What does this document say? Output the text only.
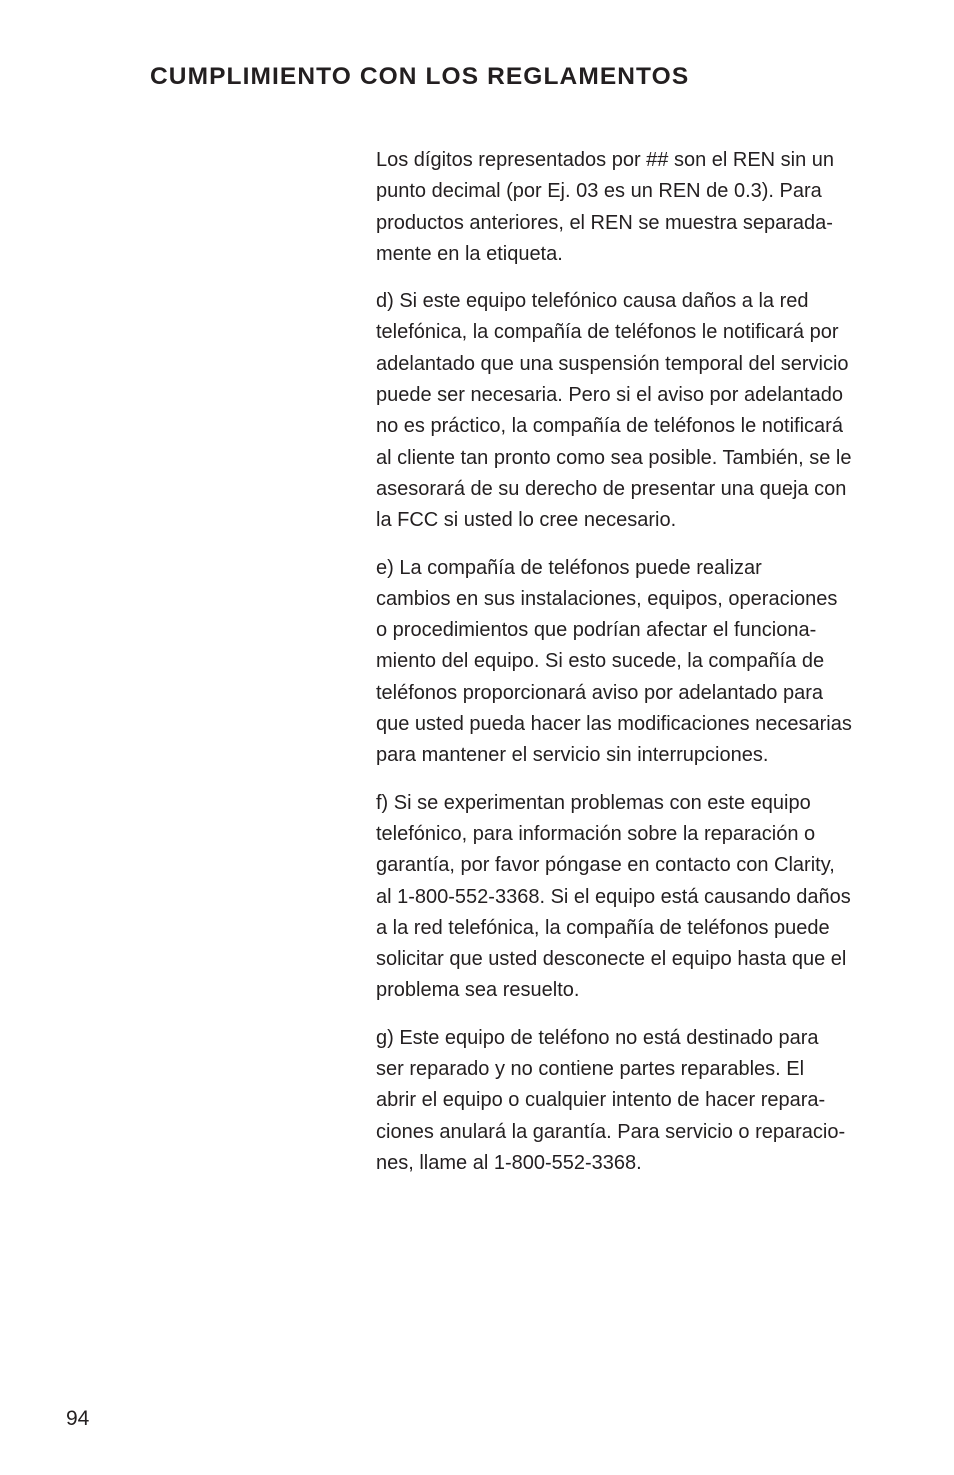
CUMPLIMIENTO CON LOS REGLAMENTOS

Los dígitos representados por ## son el REN sin un
punto decimal (por Ej. 03 es un REN de 0.3). Para
productos anteriores, el REN se muestra separada-
mente en la etiqueta.

d) Si este equipo telefónico causa daños a la red
telefónica, la compañía de teléfonos le notificará por
adelantado que una suspensión temporal del servicio
puede ser necesaria. Pero si el aviso por adelantado
no es práctico, la compañía de teléfonos le notificará
al cliente tan pronto como sea posible. También, se le
asesorará de su derecho de presentar una queja con
la FCC si usted lo cree necesario.

e) La compañía de teléfonos puede realizar
cambios en sus instalaciones, equipos, operaciones
o procedimientos que podrían afectar el funciona-
miento del equipo. Si esto sucede, la compañía de
teléfonos proporcionará aviso por adelantado para
que usted pueda hacer las modificaciones necesarias
para mantener el servicio sin interrupciones.

f) Si se experimentan problemas con este equipo
telefónico, para información sobre la reparación o
garantía, por favor póngase en contacto con Clarity,
al 1-800-552-3368. Si el equipo está causando daños
a la red telefónica, la compañía de teléfonos puede
solicitar que usted desconecte el equipo hasta que el
problema sea resuelto.

g) Este equipo de teléfono no está destinado para
ser reparado y no contiene partes reparables. El
abrir el equipo o cualquier intento de hacer repara-
ciones anulará la garantía. Para servicio o reparacio-
nes, llame al 1-800-552-3368.

94
